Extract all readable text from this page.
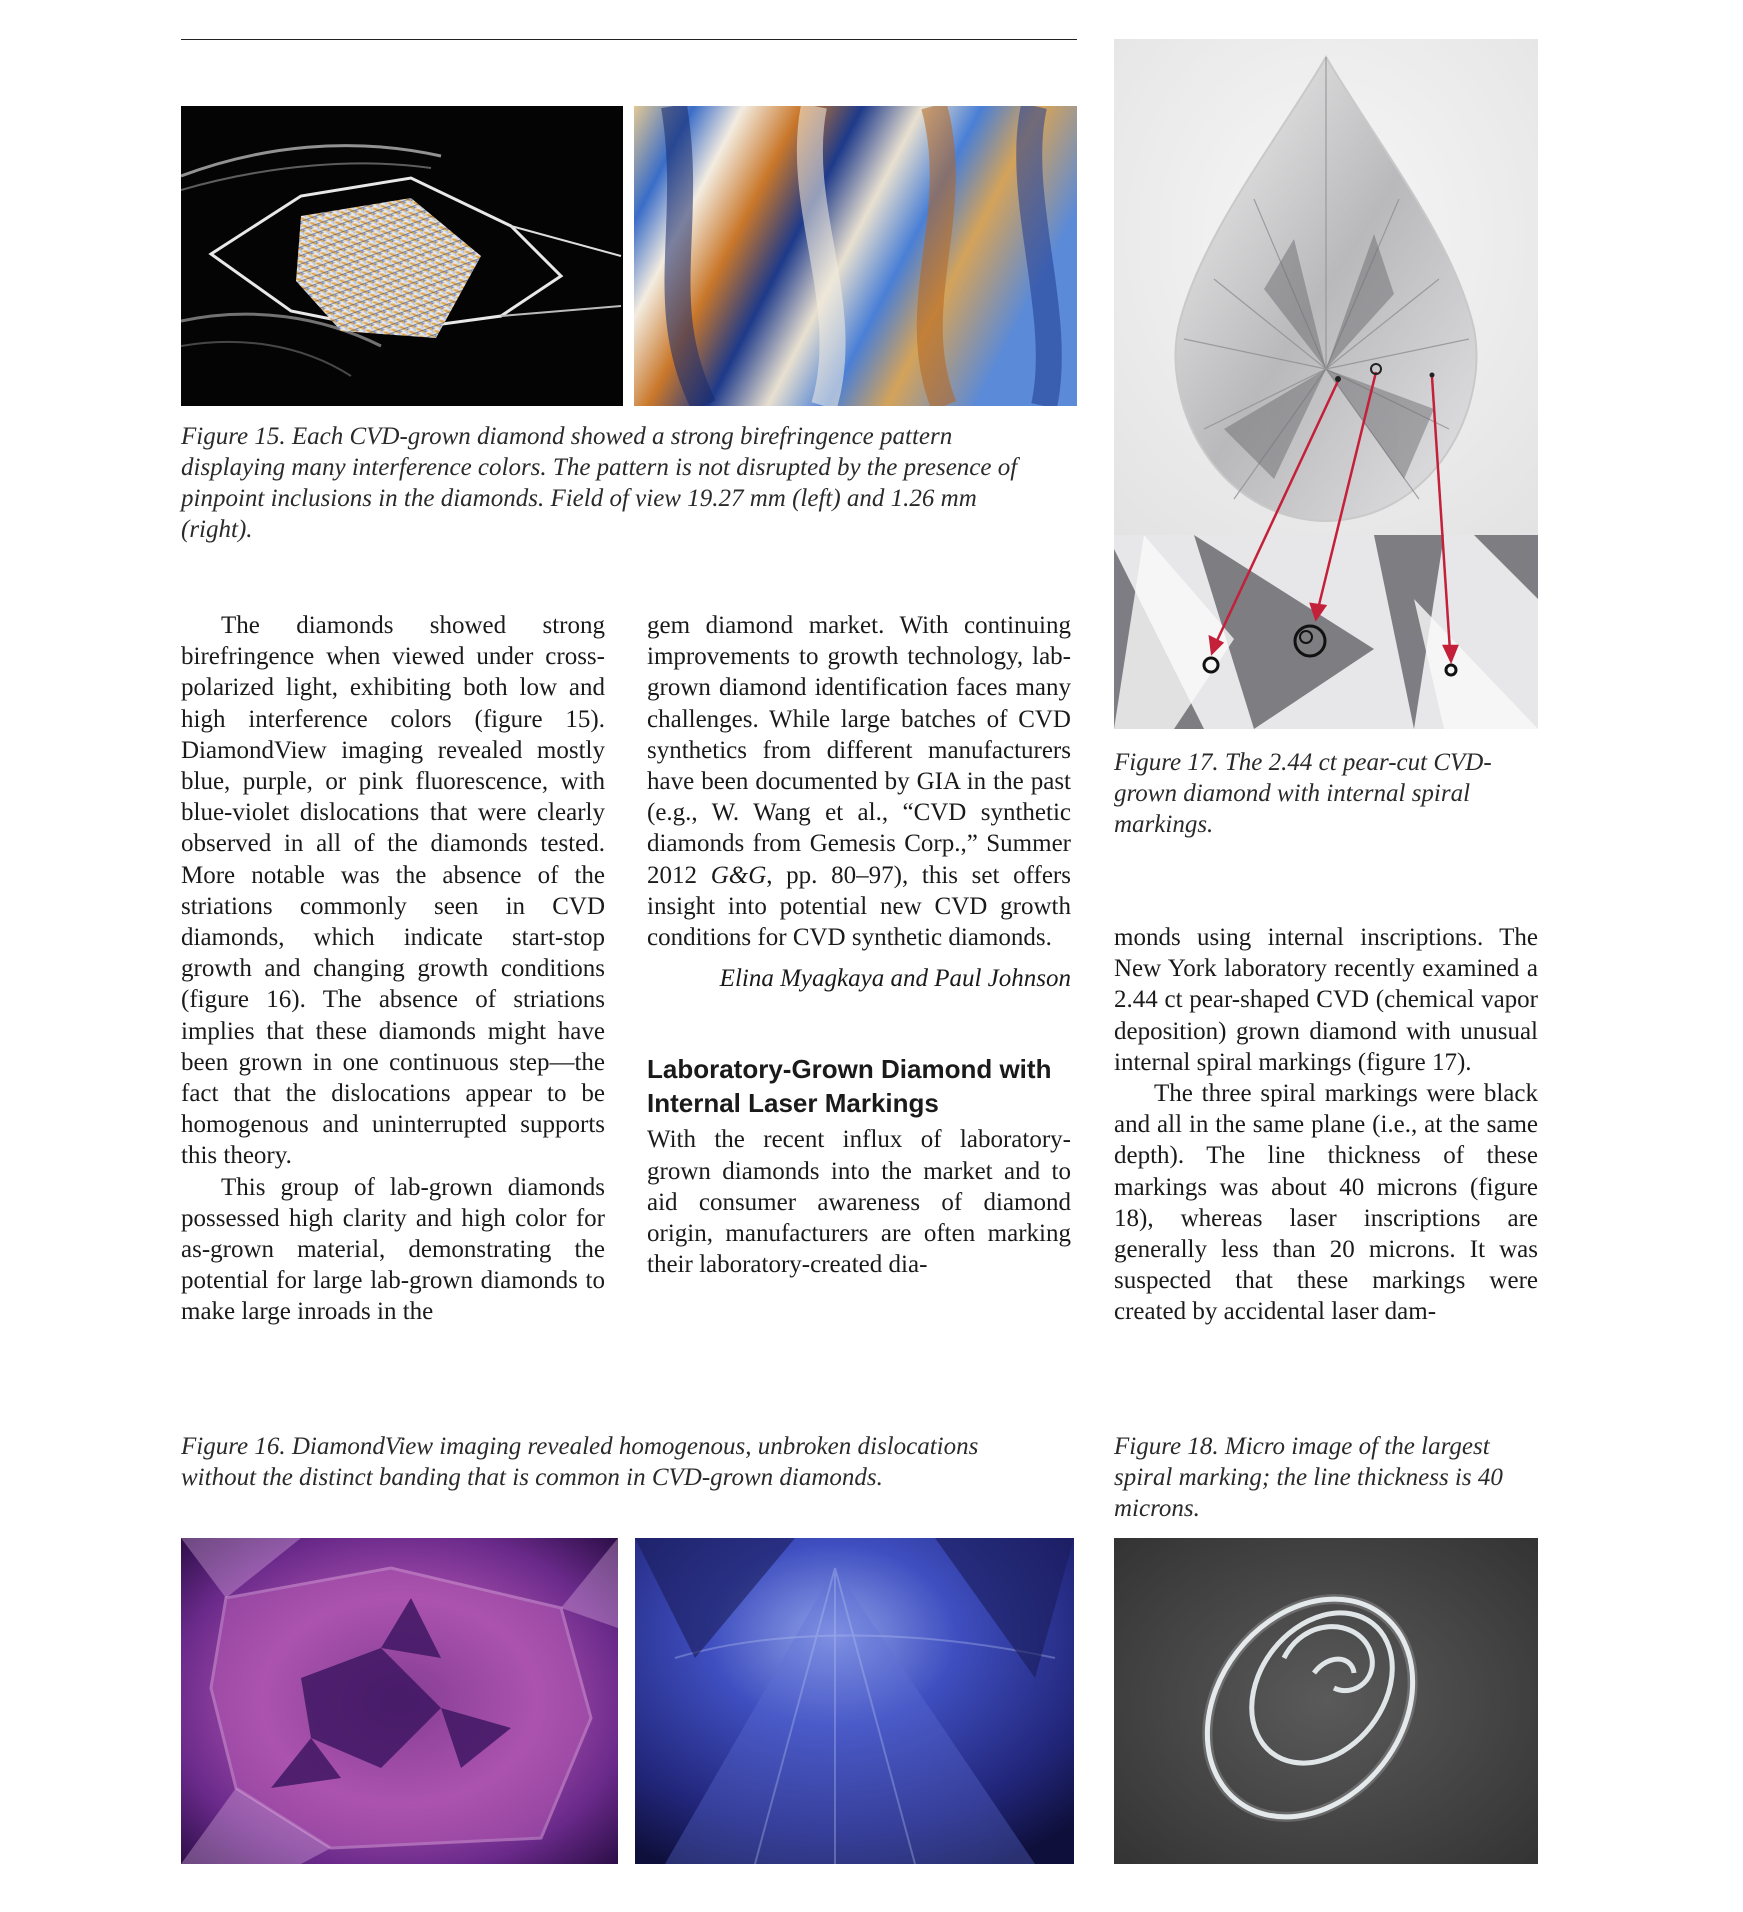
Figure 15. Each CVD-grown diamond showed a strong birefringence pattern displaying many interference colors. The pattern is not disrupted by the presence of pinpoint inclusions in the diamonds. Field of view 19.27 mm (left) and 1.26 mm (right).
Figure 17. The 2.44 ct pear-cut CVD-grown diamond with internal spiral markings.

The diamonds showed strong birefringence when viewed under cross-polarized light, exhibiting both low and high interference colors (figure 15). DiamondView imaging revealed mostly blue, purple, or pink fluorescence, with blue-violet dislocations that were clearly observed in all of the diamonds tested. More notable was the absence of the striations commonly seen in CVD diamonds, which indicate start-stop growth and changing growth conditions (figure 16). The absence of striations implies that these diamonds might have been grown in one continuous step—the fact that the dislocations appear to be homogenous and uninterrupted supports this theory.

This group of lab-grown diamonds possessed high clarity and high color for as-grown material, demonstrating the potential for large lab-grown diamonds to make large inroads in the

gem diamond market. With continuing improvements to growth technology, lab-grown diamond identification faces many challenges. While large batches of CVD synthetics from different manufacturers have been documented by GIA in the past (e.g., W. Wang et al., “CVD synthetic diamonds from Gemesis Corp.,” Summer 2012 G&G, pp. 80–97), this set offers insight into potential new CVD growth conditions for CVD synthetic diamonds.

Elina Myagkaya and Paul Johnson

Laboratory-Grown Diamond with Internal Laser Markings

With the recent influx of laboratory-grown diamonds into the market and to aid consumer awareness of diamond origin, manufacturers are often marking their laboratory-created dia-

monds using internal inscriptions. The New York laboratory recently examined a 2.44 ct pear-shaped CVD (chemical vapor deposition) grown diamond with unusual internal spiral markings (figure 17).

The three spiral markings were black and all in the same plane (i.e., at the same depth). The line thickness of these markings was about 40 microns (figure 18), whereas laser inscriptions are generally less than 20 microns. It was suspected that these markings were created by accidental laser dam-

Figure 16. DiamondView imaging revealed homogenous, unbroken dislocations without the distinct banding that is common in CVD-grown diamonds.
Figure 18. Micro image of the largest spiral marking; the line thickness is 40 microns.
